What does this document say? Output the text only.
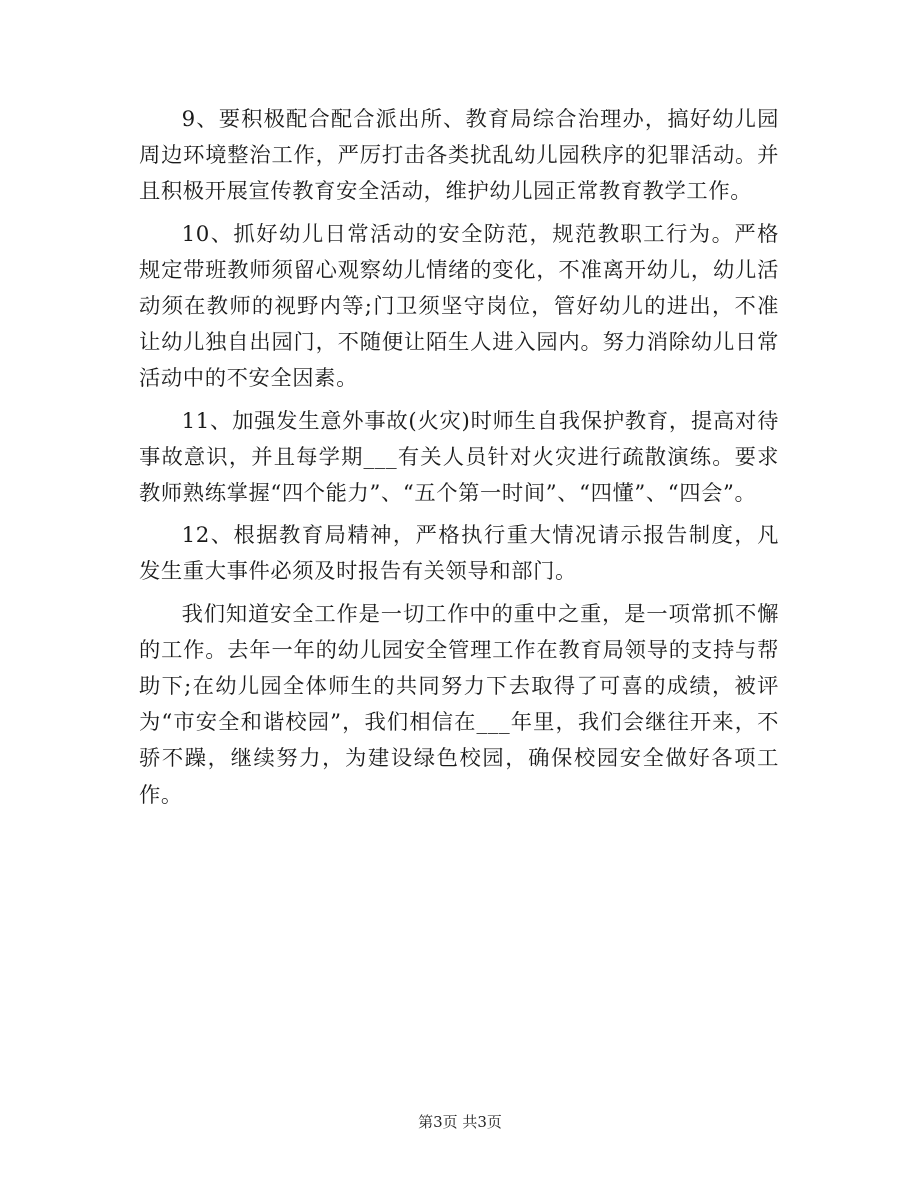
9、要积极配合配合派出所、教育局综合治理办，搞好幼儿园周边环境整治工作，严厉打击各类扰乱幼儿园秩序的犯罪活动。并且积极开展宣传教育安全活动，维护幼儿园正常教育教学工作。

10、抓好幼儿日常活动的安全防范，规范教职工行为。严格规定带班教师须留心观察幼儿情绪的变化，不准离开幼儿，幼儿活动须在教师的视野内等;门卫须坚守岗位，管好幼儿的进出，不准让幼儿独自出园门，不随便让陌生人进入园内。努力消除幼儿日常活动中的不安全因素。

11、加强发生意外事故(火灾)时师生自我保护教育，提高对待事故意识，并且每学期___有关人员针对火灾进行疏散演练。要求教师熟练掌握“四个能力”、“五个第一时间”、“四懂”、“四会”。

12、根据教育局精神，严格执行重大情况请示报告制度，凡发生重大事件必须及时报告有关领导和部门。

我们知道安全工作是一切工作中的重中之重，是一项常抓不懈的工作。去年一年的幼儿园安全管理工作在教育局领导的支持与帮助下;在幼儿园全体师生的共同努力下去取得了可喜的成绩，被评为“市安全和谐校园”，我们相信在___年里，我们会继往开来，不骄不躁，继续努力，为建设绿色校园，确保校园安全做好各项工作。

第3页 共3页
